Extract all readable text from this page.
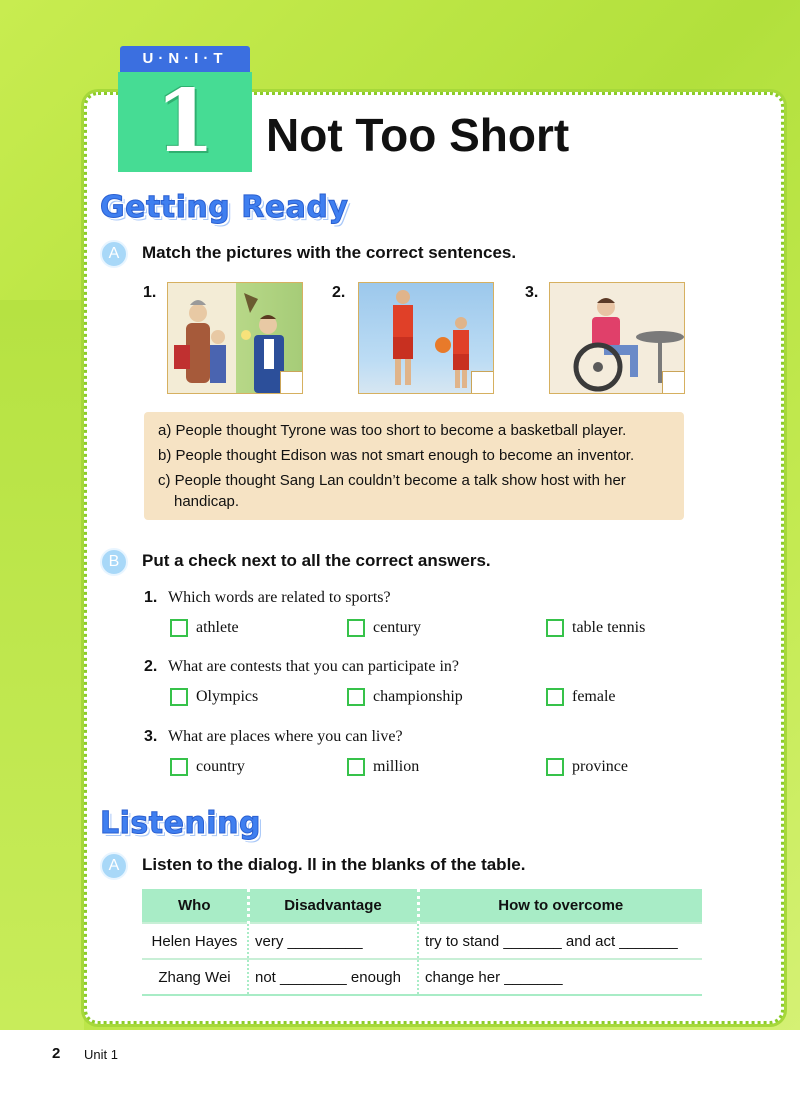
U·N·I·T
1	Not Too Short
Getting Ready
A	Match the pictures with the correct sentences.
1.	2.	3.
a) People thought Tyrone was too short to become a basketball player.
b) People thought Edison was not smart enough to become an inventor.
c) People thought Sang Lan couldn’t become a talk show host with her
handicap.
B	Put a check next to all the correct answers.
1. Which words are related to sports?
athlete	century	table tennis
2. What are contests that you can participate in?
Olympics	championship	female
3. What are places where you can live?
country	million	province
Listening
A	Listen to the dialog. ll in the blanks of the table.
Who	Disadvantage	How to overcome
Helen Hayes	very _________	try to stand _______ and act _______
Zhang Wei	not ________ enough	change her _______
2 Unit 1
